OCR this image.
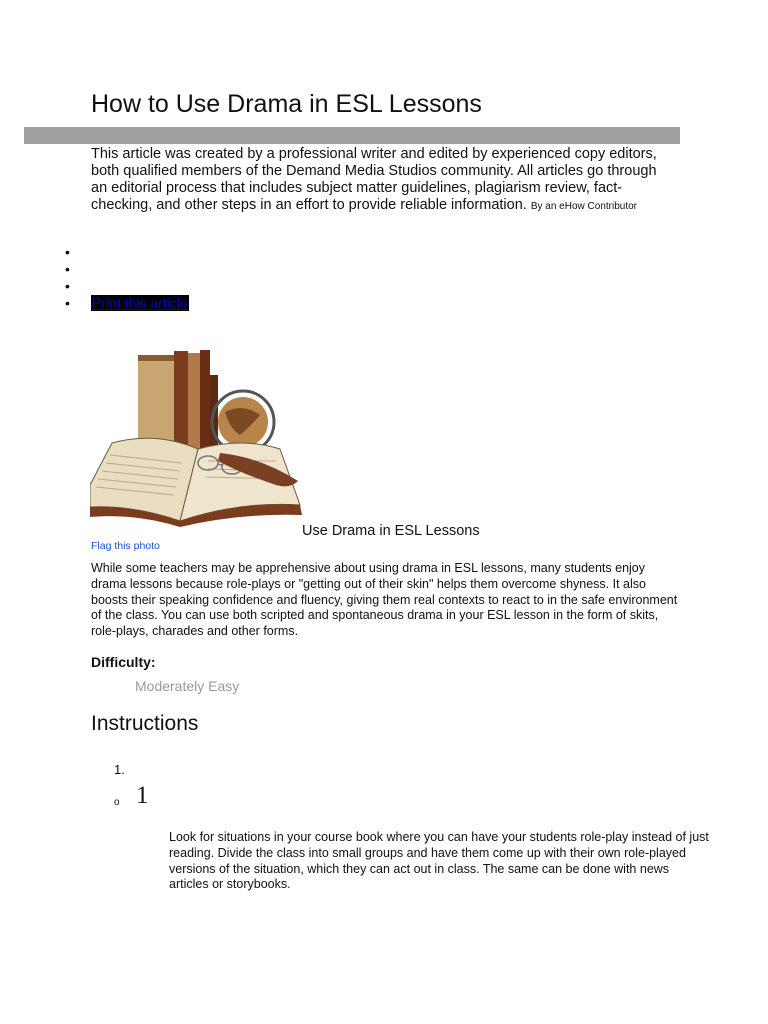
How to Use Drama in ESL Lessons
This article was created by a professional writer and edited by experienced copy editors, both qualified members of the Demand Media Studios community. All articles go through an editorial process that includes subject matter guidelines, plagiarism review, fact-checking, and other steps in an effort to provide reliable information. By an eHow Contributor
•
•
•
• Print this article
Use Drama in ESL Lessons
Flag this photo

While some teachers may be apprehensive about using drama in ESL lessons, many students enjoy drama lessons because role-plays or "getting out of their skin" helps them overcome shyness. It also boosts their speaking confidence and fluency, giving them real contexts to react to in the safe environment of the class. You can use both scripted and spontaneous drama in your ESL lesson in the form of skits, role-plays, charades and other forms.

Difficulty:
Moderately Easy
Instructions
1.
o 1

Look for situations in your course book where you can have your students role-play instead of just reading. Divide the class into small groups and have them come up with their own role-played versions of the situation, which they can act out in class. The same can be done with news articles or storybooks.
